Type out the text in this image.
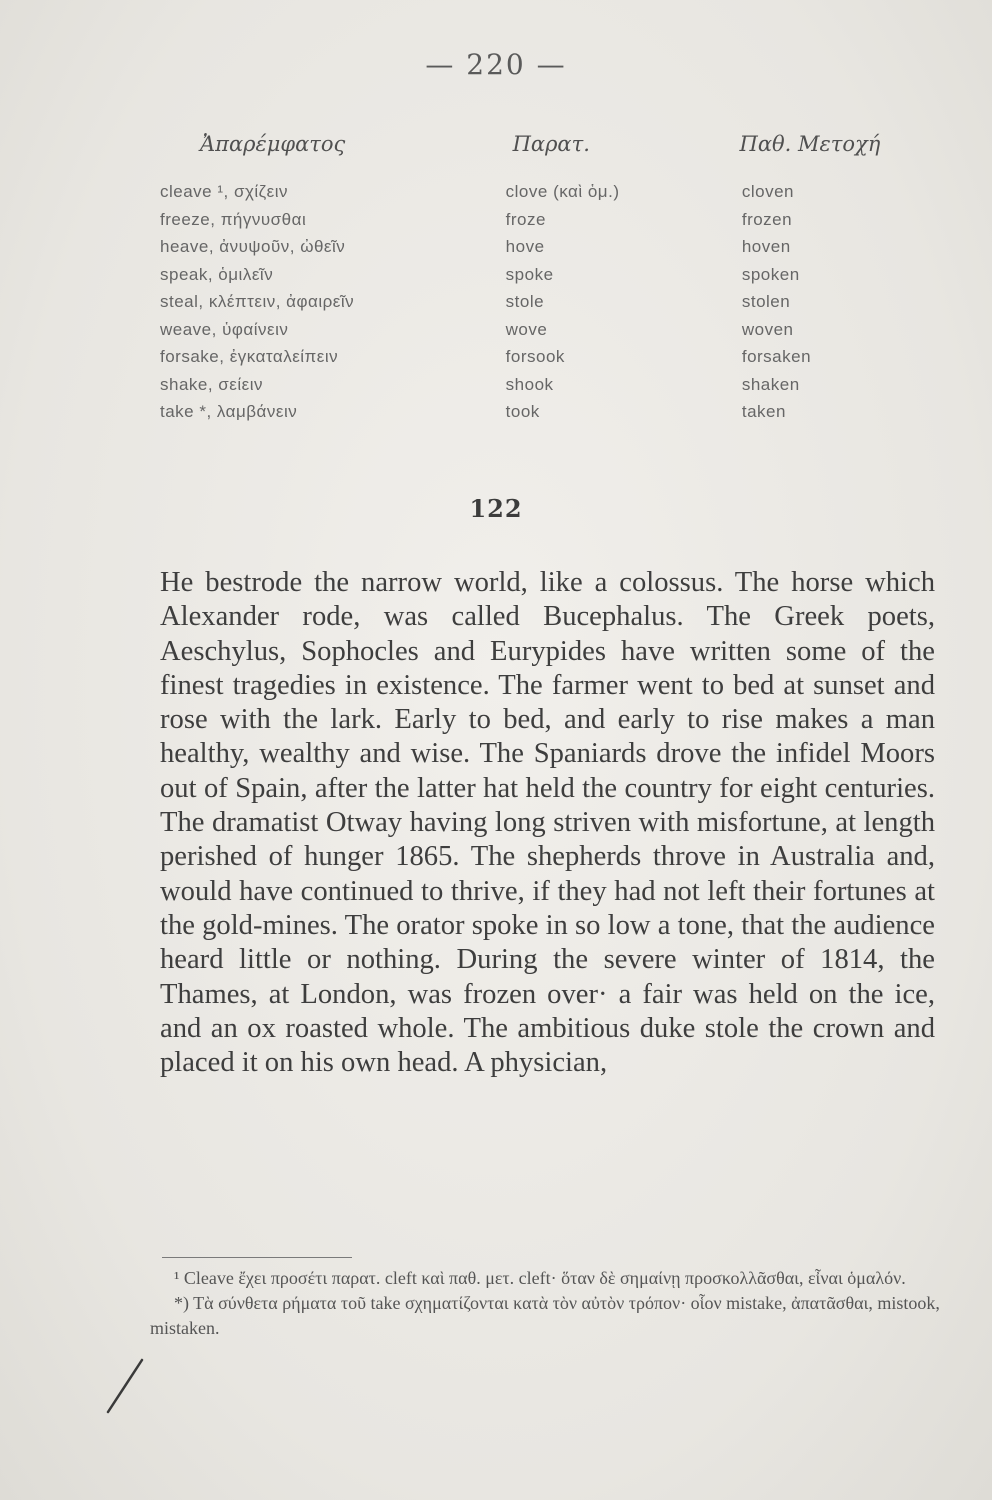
— 220 —
Ἀπαρέμφατος	Παρατ.	Παθ. Μετοχή
cleave ¹, σχίζειν	clove (καὶ ὁμ.)	cloven
freeze, πήγνυσθαι	froze	frozen
heave, ἀνυψοῦν, ὠθεῖν	hove	hoven
speak, ὁμιλεῖν	spoke	spoken
steal, κλέπτειν, ἀφαιρεῖν	stole	stolen
weave, ὑφαίνειν	wove	woven
forsake, ἐγκαταλείπειν	forsook	forsaken
shake, σείειν	shook	shaken
take *, λαμβάνειν	took	taken
122
He bestrode the narrow world, like a colossus. The horse which Alexander rode, was called Bucephalus. The Greek poets, Aeschylus, Sophocles and Eurypides have written some of the finest tragedies in existence. The farmer went to bed at sunset and rose with the lark. Early to bed, and early to rise makes a man healthy, wealthy and wise. The Spaniards drove the infidel Moors out of Spain, after the latter hat held the country for eight centuries. The dramatist Otway having long striven with misfortune, at length perished of hunger 1865. The shepherds throve in Australia and, would have continued to thrive, if they had not left their fortunes at the gold-mines. The orator spoke in so low a tone, that the audience heard little or nothing. During the severe winter of 1814, the Thames, at London, was frozen over· a fair was held on the ice, and an ox roasted whole. The ambitious duke stole the crown and placed it on his own head. A physician,

¹ Cleave ἔχει προσέτι παρατ. cleft καὶ παθ. μετ. cleft· ὅταν δὲ σημαίνῃ προσκολλᾶσθαι, εἶναι ὁμαλόν.

*) Τὰ σύνθετα ρήματα τοῦ take σχηματίζονται κατὰ τὸν αὐτὸν τρόπον· οἷον mistake, ἀπατᾶσθαι, mistook, mistaken.
